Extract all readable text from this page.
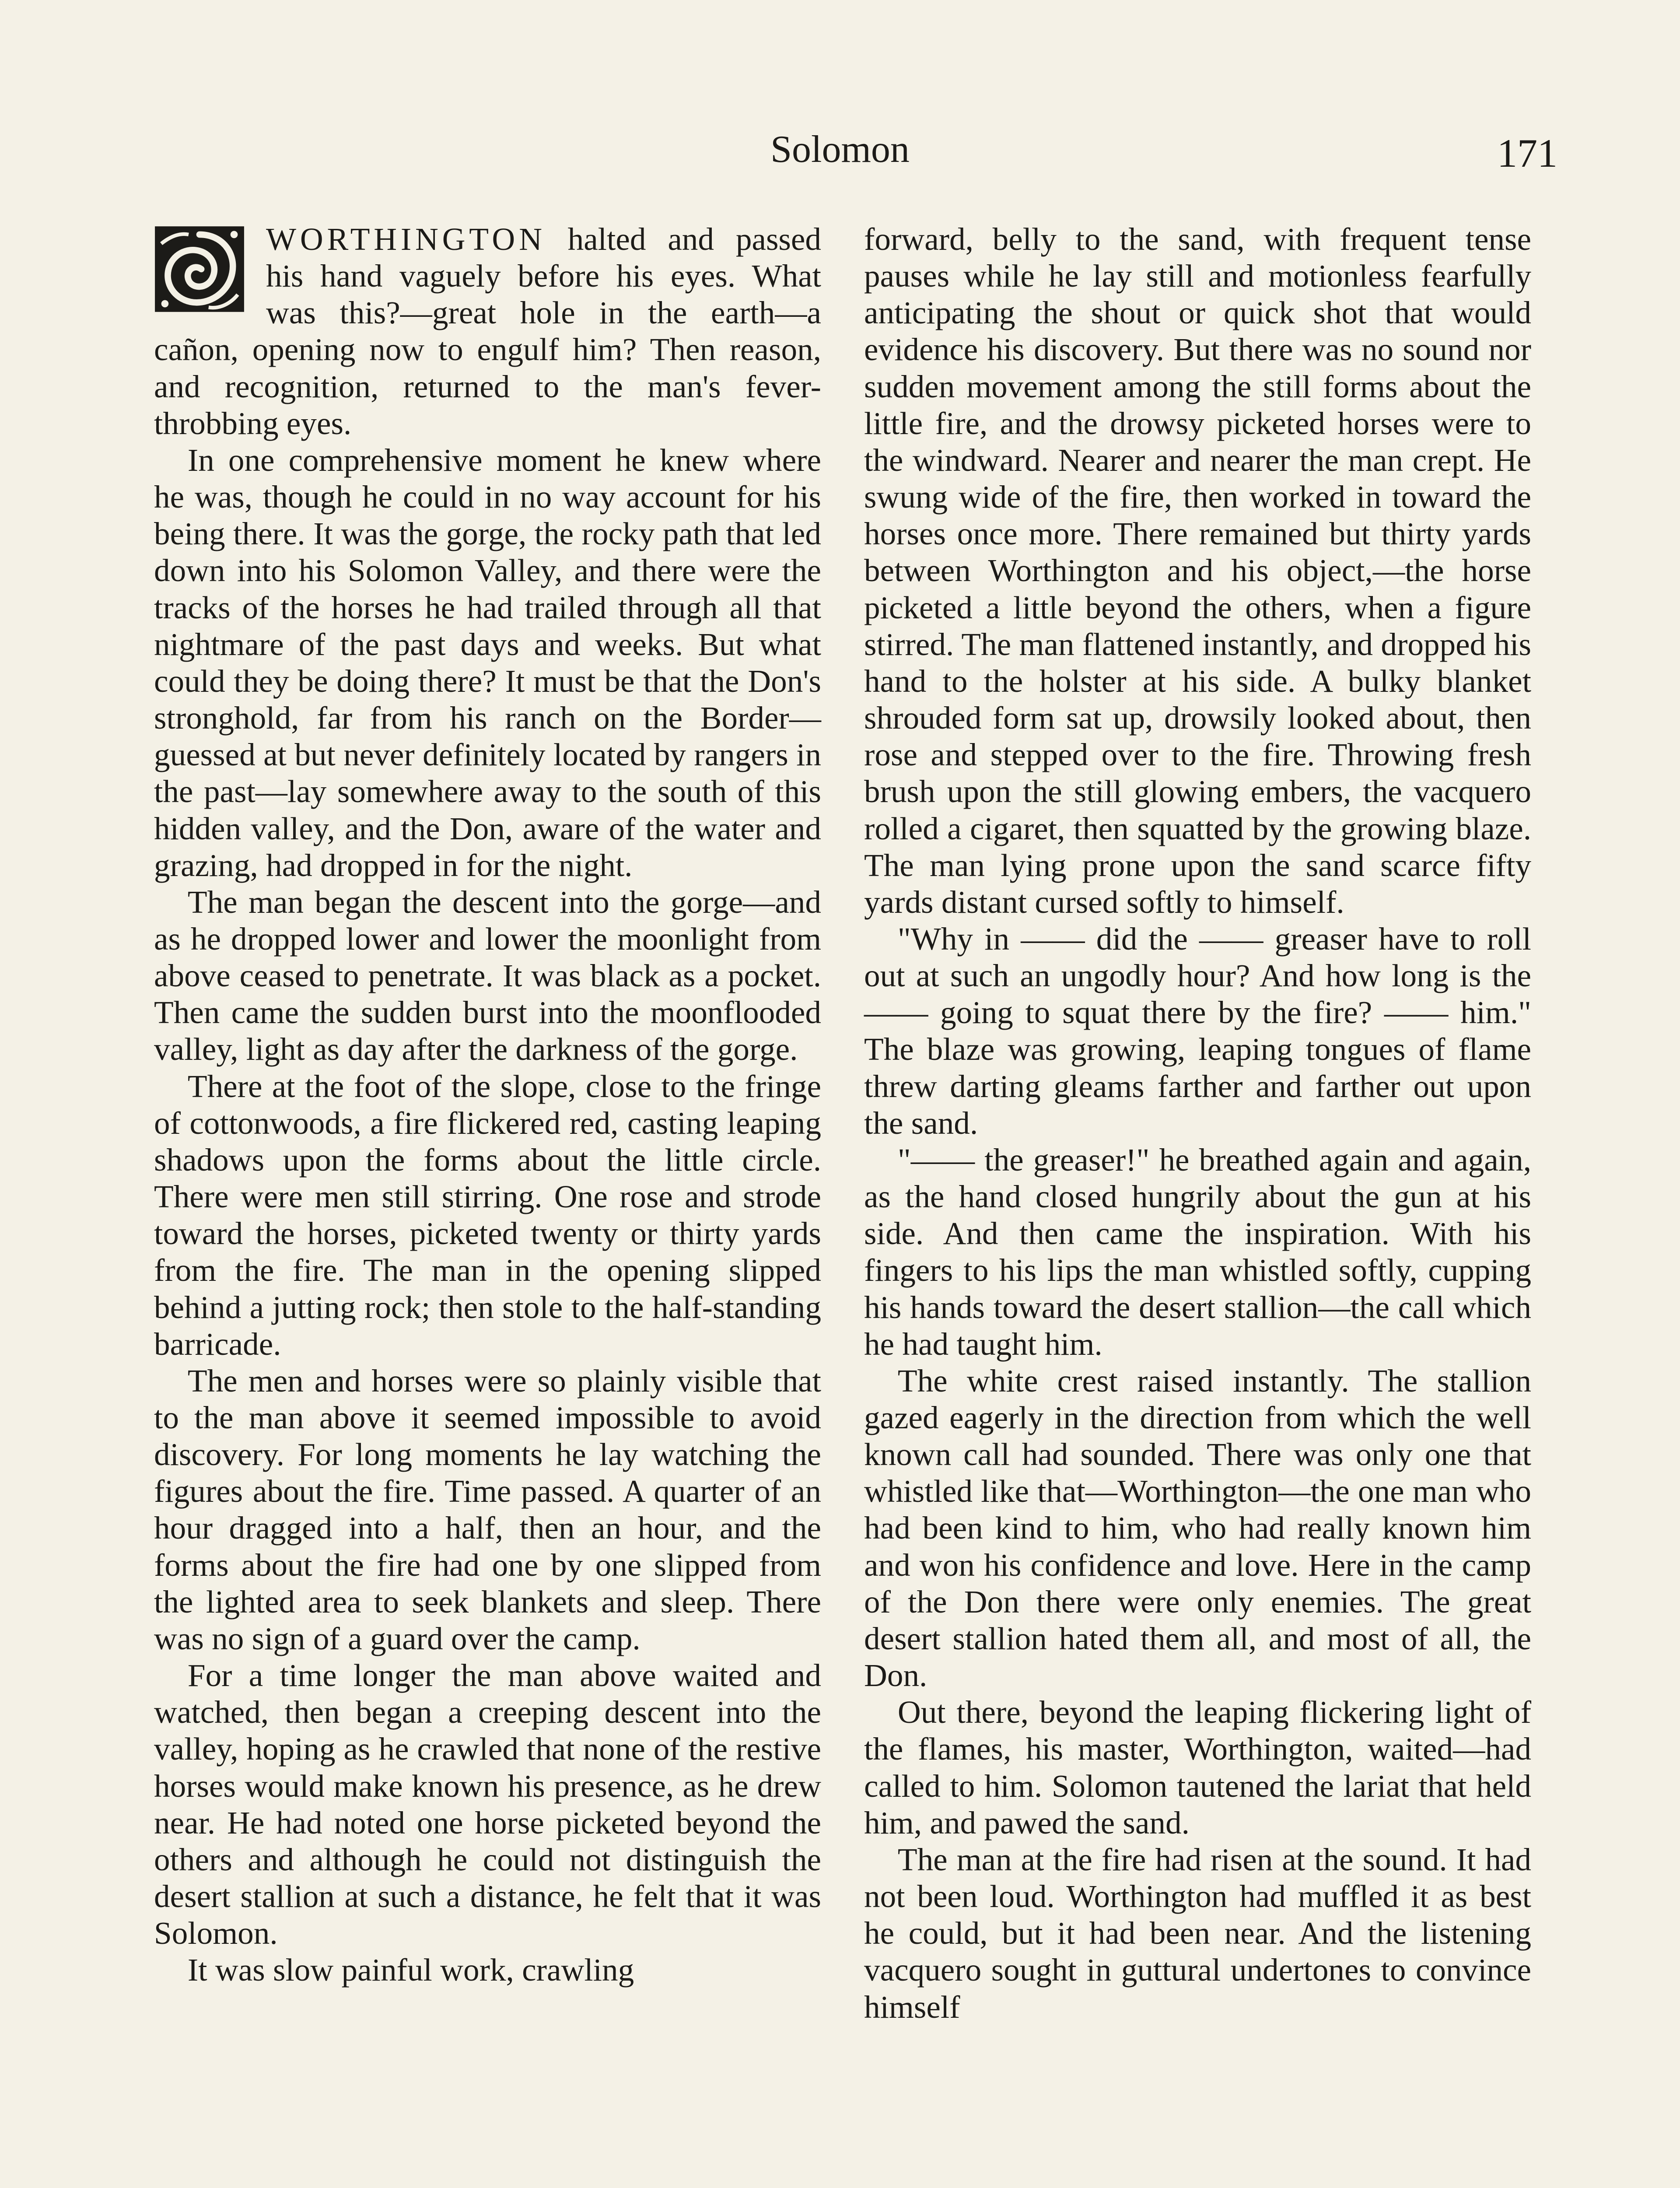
Solomon	171

WORTHINGTON halted and passed his hand vaguely before his eyes. What was this?—great hole in the earth—a cañon, opening now to engulf him? Then reason, and recognition, returned to the man's fever-throbbing eyes.

In one comprehensive moment he knew where he was, though he could in no way account for his being there. It was the gorge, the rocky path that led down into his Solomon Valley, and there were the tracks of the horses he had trailed through all that nightmare of the past days and weeks. But what could they be doing there? It must be that the Don's stronghold, far from his ranch on the Border—guessed at but never definitely located by rangers in the past—lay somewhere away to the south of this hidden valley, and the Don, aware of the water and grazing, had dropped in for the night.

The man began the descent into the gorge—and as he dropped lower and lower the moonlight from above ceased to penetrate. It was black as a pocket. Then came the sudden burst into the moonflooded valley, light as day after the darkness of the gorge.

There at the foot of the slope, close to the fringe of cottonwoods, a fire flickered red, casting leaping shadows upon the forms about the little circle. There were men still stirring. One rose and strode toward the horses, picketed twenty or thirty yards from the fire. The man in the opening slipped behind a jutting rock; then stole to the half-standing barricade.

The men and horses were so plainly visible that to the man above it seemed impossible to avoid discovery. For long moments he lay watching the figures about the fire. Time passed. A quarter of an hour dragged into a half, then an hour, and the forms about the fire had one by one slipped from the lighted area to seek blankets and sleep. There was no sign of a guard over the camp.

For a time longer the man above waited and watched, then began a creeping descent into the valley, hoping as he crawled that none of the restive horses would make known his presence, as he drew near. He had noted one horse picketed beyond the others and although he could not distinguish the desert stallion at such a distance, he felt that it was Solomon.

It was slow painful work, crawling

forward, belly to the sand, with frequent tense pauses while he lay still and motionless fearfully anticipating the shout or quick shot that would evidence his discovery. But there was no sound nor sudden movement among the still forms about the little fire, and the drowsy picketed horses were to the windward. Nearer and nearer the man crept. He swung wide of the fire, then worked in toward the horses once more. There remained but thirty yards between Worthington and his object,—the horse picketed a little beyond the others, when a figure stirred. The man flattened instantly, and dropped his hand to the holster at his side. A bulky blanket shrouded form sat up, drowsily looked about, then rose and stepped over to the fire. Throwing fresh brush upon the still glowing embers, the vacquero rolled a cigaret, then squatted by the growing blaze. The man lying prone upon the sand scarce fifty yards distant cursed softly to himself.

"Why in —— did the —— greaser have to roll out at such an ungodly hour? And how long is the —— going to squat there by the fire? —— him." The blaze was growing, leaping tongues of flame threw darting gleams farther and farther out upon the sand.

"—— the greaser!" he breathed again and again, as the hand closed hungrily about the gun at his side. And then came the inspiration. With his fingers to his lips the man whistled softly, cupping his hands toward the desert stallion—the call which he had taught him.

The white crest raised instantly. The stallion gazed eagerly in the direction from which the well known call had sounded. There was only one that whistled like that—Worthington—the one man who had been kind to him, who had really known him and won his confidence and love. Here in the camp of the Don there were only enemies. The great desert stallion hated them all, and most of all, the Don.

Out there, beyond the leaping flickering light of the flames, his master, Worthington, waited—had called to him. Solomon tautened the lariat that held him, and pawed the sand.

The man at the fire had risen at the sound. It had not been loud. Worthington had muffled it as best he could, but it had been near. And the listening vacquero sought in guttural undertones to convince himself
